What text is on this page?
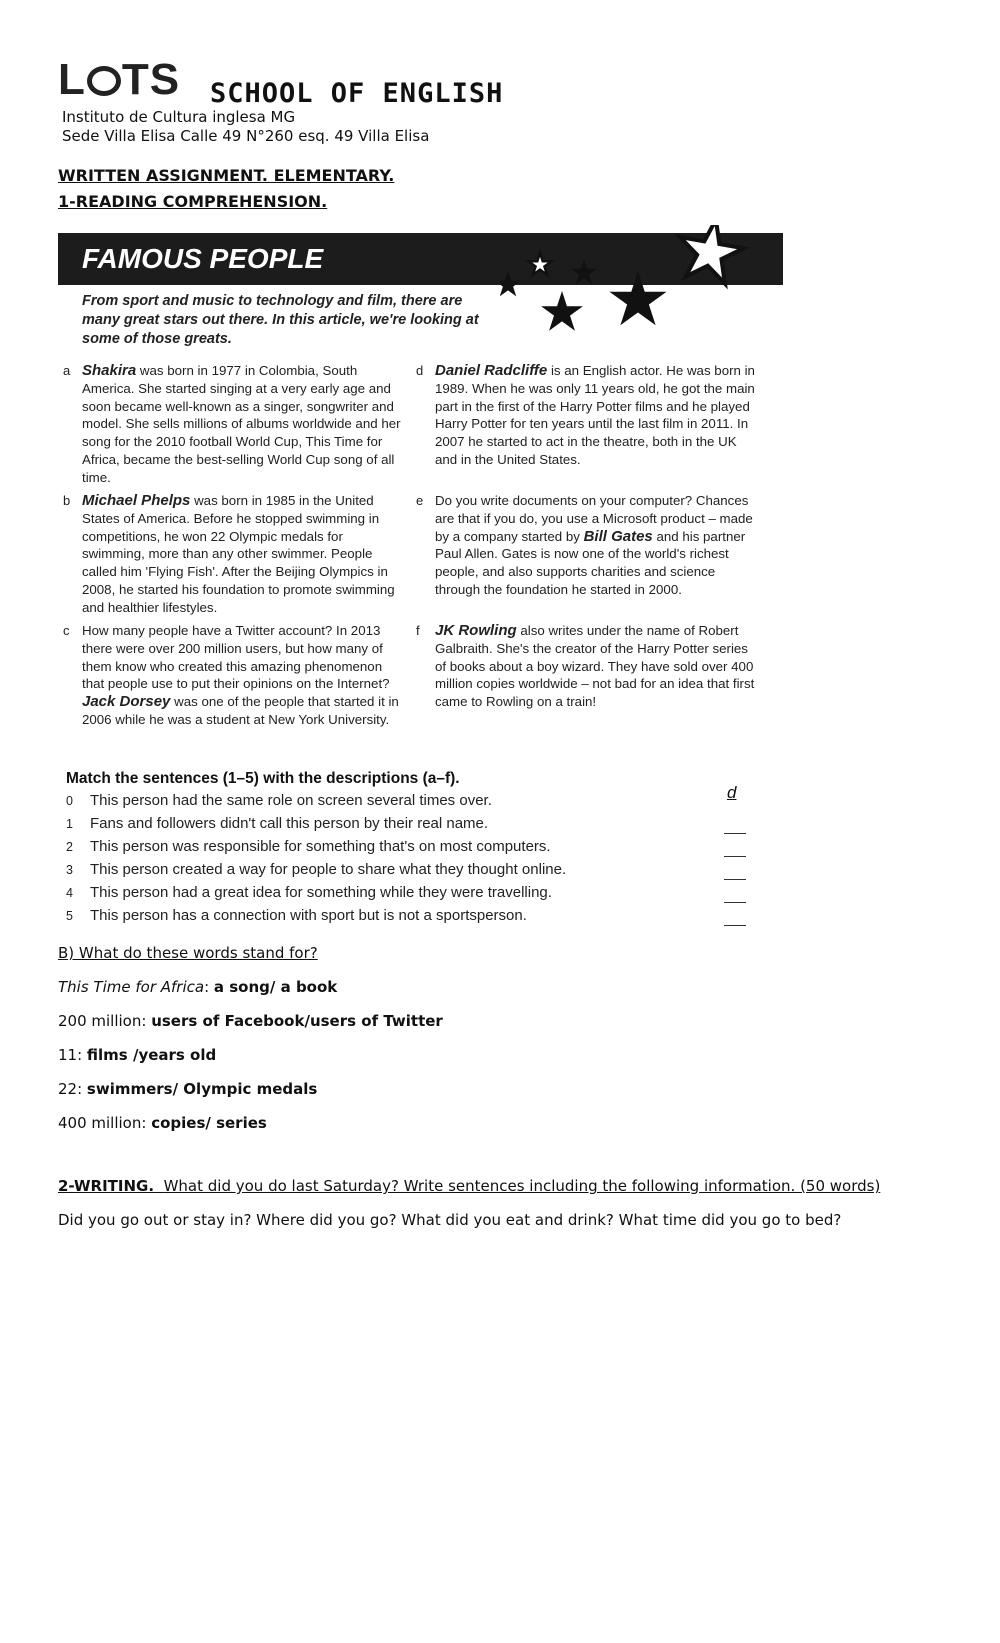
L TS SCHOOL OF ENGLISH
Instituto de Cultura inglesa MG
Sede Villa Elisa Calle 49 N°260 esq. 49 Villa Elisa
WRITTEN ASSIGNMENT. ELEMENTARY.
1-READING COMPREHENSION.
FAMOUS PEOPLE
From sport and music to technology and film, there are many great stars out there. In this article, we're looking at some of those greats.
a Shakira was born in 1977 in Colombia, South America. She started singing at a very early age and soon became well-known as a singer, songwriter and model. She sells millions of albums worldwide and her song for the 2010 football World Cup, This Time for Africa, became the best-selling World Cup song of all time.
b Michael Phelps was born in 1985 in the United States of America. Before he stopped swimming in competitions, he won 22 Olympic medals for swimming, more than any other swimmer. People called him 'Flying Fish'. After the Beijing Olympics in 2008, he started his foundation to promote swimming and healthier lifestyles.
c How many people have a Twitter account? In 2013 there were over 200 million users, but how many of them know who created this amazing phenomenon that people use to put their opinions on the Internet? Jack Dorsey was one of the people that started it in 2006 while he was a student at New York University.
d Daniel Radcliffe is an English actor. He was born in 1989. When he was only 11 years old, he got the main part in the first of the Harry Potter films and he played Harry Potter for ten years until the last film in 2011. In 2007 he started to act in the theatre, both in the UK and in the United States.
e Do you write documents on your computer? Chances are that if you do, you use a Microsoft product – made by a company started by Bill Gates and his partner Paul Allen. Gates is now one of the world's richest people, and also supports charities and science through the foundation he started in 2000.
f JK Rowling also writes under the name of Robert Galbraith. She's the creator of the Harry Potter series of books about a boy wizard. They have sold over 400 million copies worldwide – not bad for an idea that first came to Rowling on a train!
Match the sentences (1–5) with the descriptions (a–f).
0 This person had the same role on screen several times over.
1 Fans and followers didn't call this person by their real name.
2 This person was responsible for something that's on most computers.
3 This person created a way for people to share what they thought online.
4 This person had a great idea for something while they were travelling.
5 This person has a connection with sport but is not a sportsperson.
d
B) What do these words stand for?
This Time for Africa: a song/ a book
200 million: users of Facebook/users of Twitter
11: films /years old
22: swimmers/ Olympic medals
400 million: copies/ series
2-WRITING. What did you do last Saturday? Write sentences including the following information. (50 words)
Did you go out or stay in? Where did you go? What did you eat and drink? What time did you go to bed?
